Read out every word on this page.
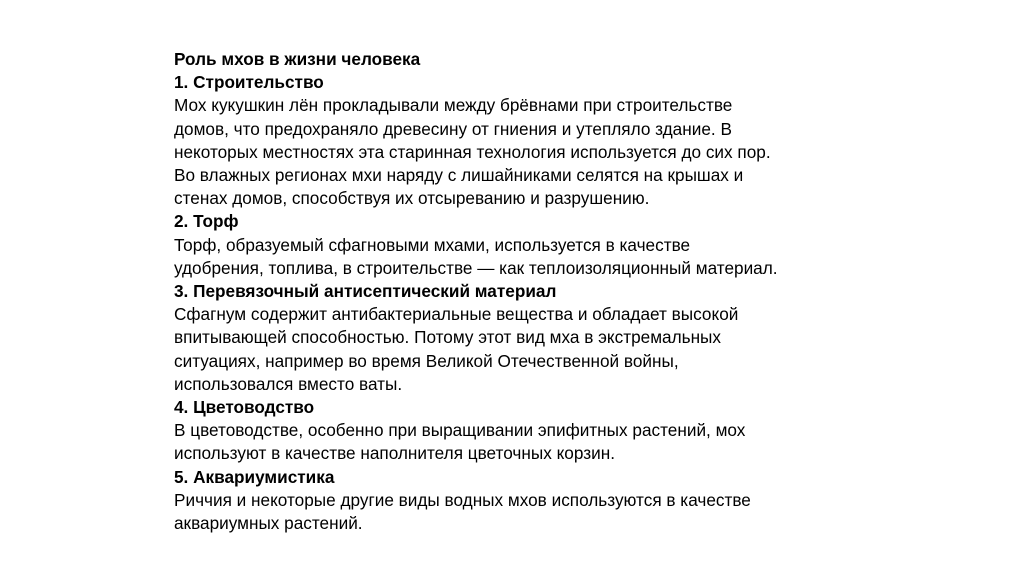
Роль мхов в жизни человека
1. Строительство
Мох кукушкин лён прокладывали между брёвнами при строительстве
домов, что предохраняло древесину от гниения и утепляло здание. В
некоторых местностях эта старинная технология используется до сих пор.
Во влажных регионах мхи наряду с лишайниками селятся на крышах и
стенах домов, способствуя их отсыреванию и разрушению.
2. Торф
Торф, образуемый сфагновыми мхами, используется в качестве
удобрения, топлива, в строительстве — как теплоизоляционный материал.
3. Перевязочный антисептический материал
Сфагнум содержит антибактериальные вещества и обладает высокой
впитывающей способностью. Потому этот вид мха в экстремальных
ситуациях, например во время Великой Отечественной войны,
использовался вместо ваты.
4. Цветоводство
В цветоводстве, особенно при выращивании эпифитных растений, мох
используют в качестве наполнителя цветочных корзин.
5. Аквариумистика
Риччия и некоторые другие виды водных мхов используются в качестве
аквариумных растений.
